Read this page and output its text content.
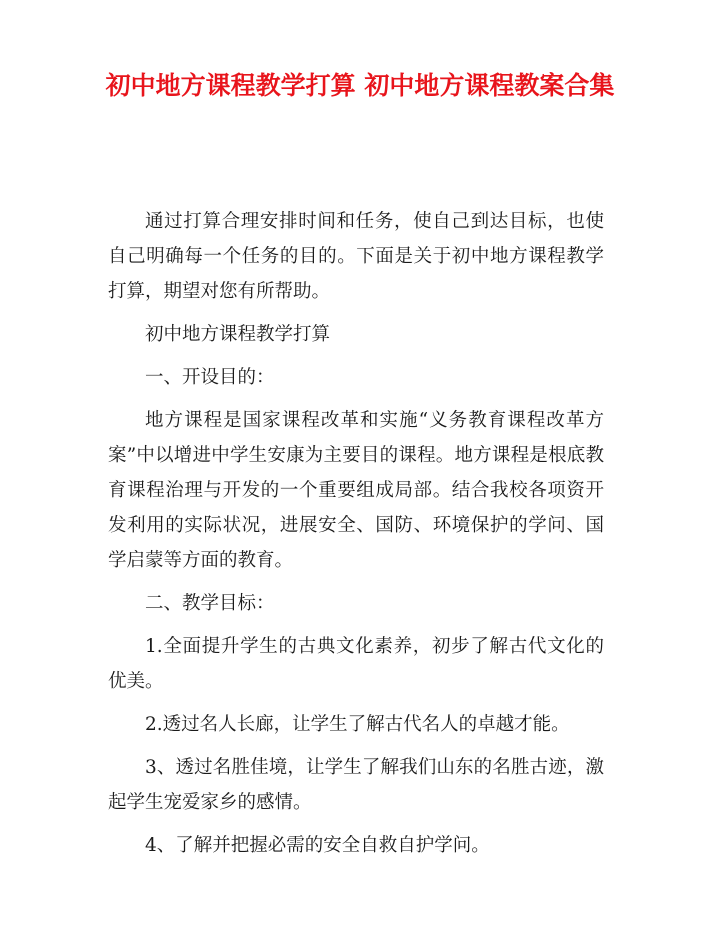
初中地方课程教学打算 初中地方课程教案合集

通过打算合理安排时间和任务，使自己到达目标，也使自己明确每一个任务的目的。下面是关于初中地方课程教学打算，期望对您有所帮助。

初中地方课程教学打算

一、开设目的：

地方课程是国家课程改革和实施“义务教育课程改革方案”中以增进中学生安康为主要目的课程。地方课程是根底教育课程治理与开发的一个重要组成局部。结合我校各项资开发利用的实际状况，进展安全、国防、环境保护的学问、国学启蒙等方面的教育。

二、教学目标：

1.全面提升学生的古典文化素养，初步了解古代文化的优美。

2.透过名人长廊，让学生了解古代名人的卓越才能。

3、透过名胜佳境，让学生了解我们山东的名胜古迹，激起学生宠爱家乡的感情。

4、了解并把握必需的安全自救自护学问。
